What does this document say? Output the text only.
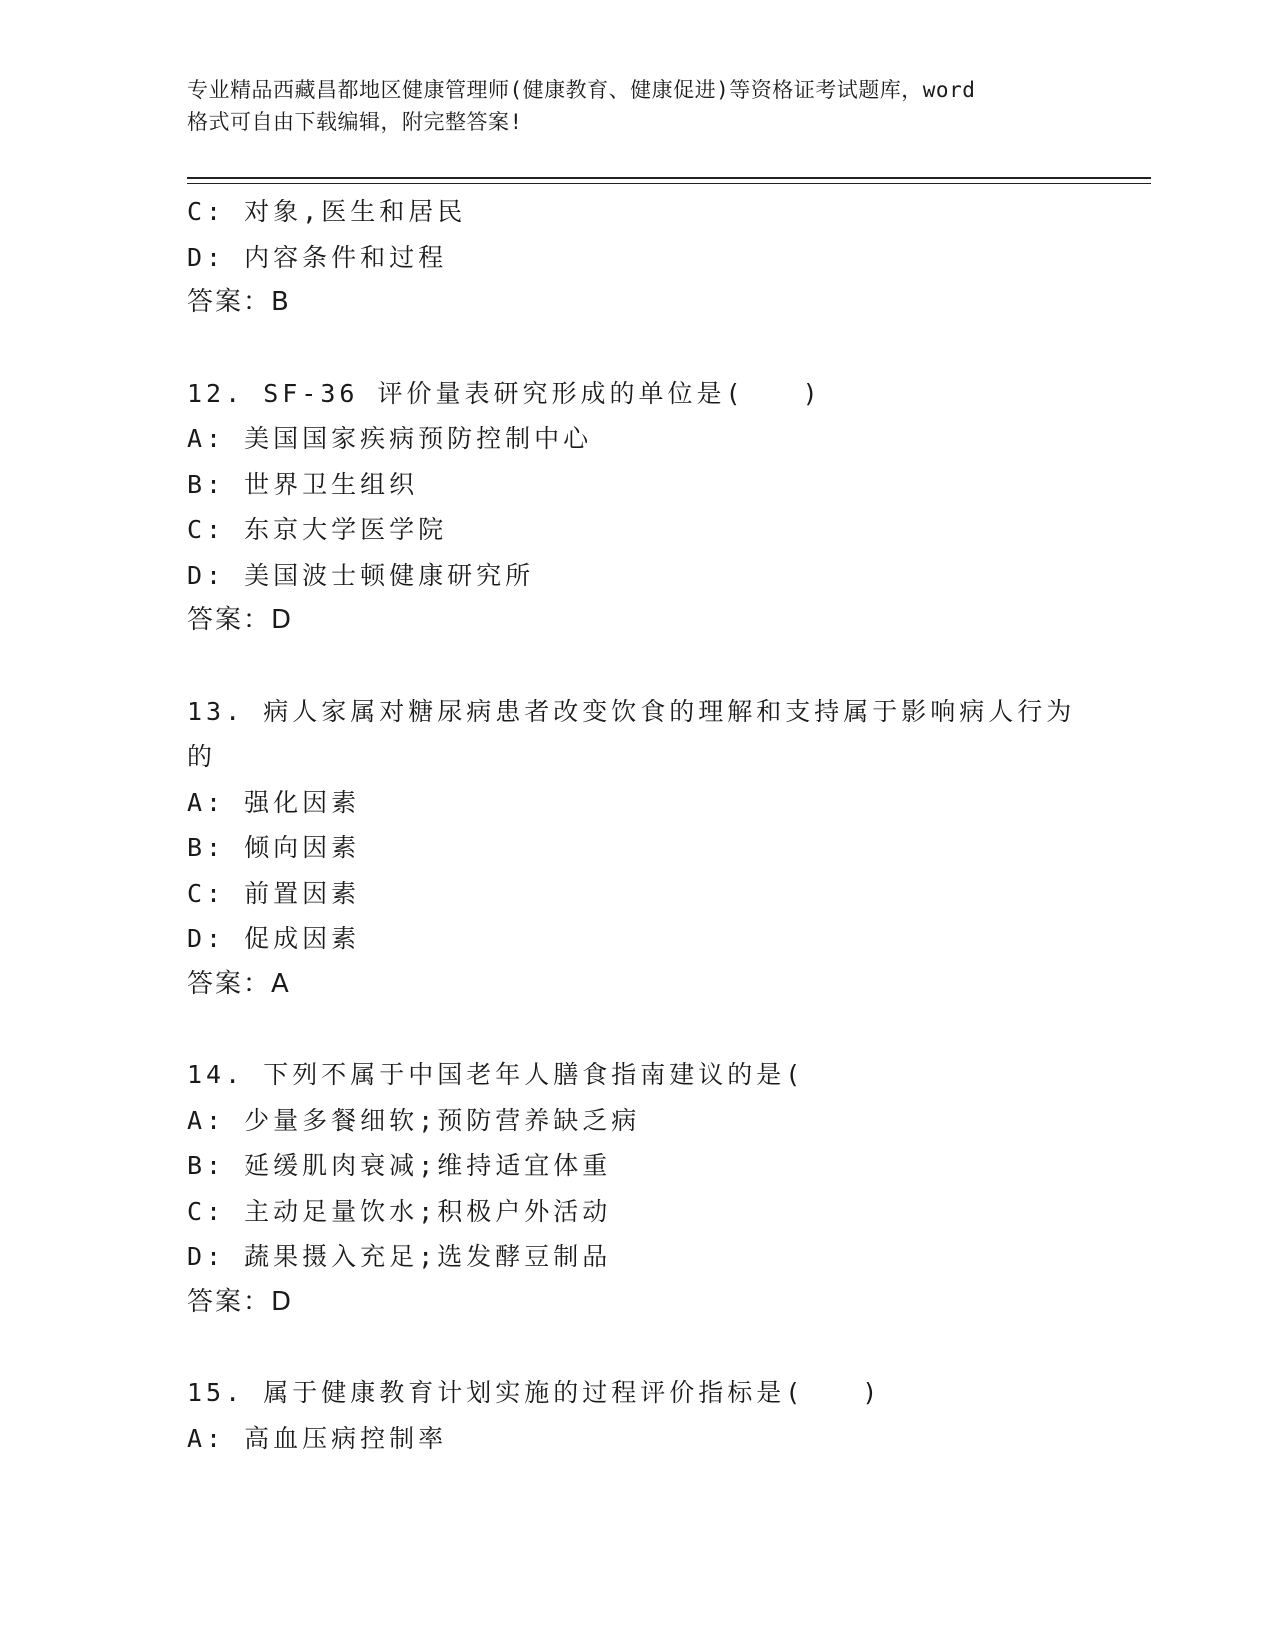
专业精品西藏昌都地区健康管理师(健康教育、健康促进)等资格证考试题库，word
格式可自由下载编辑，附完整答案!
C: 对象,医生和居民
D: 内容条件和过程
答案：B
12. SF-36 评价量表研究形成的单位是(　　)
A: 美国国家疾病预防控制中心
B: 世界卫生组织
C: 东京大学医学院
D: 美国波士顿健康研究所
答案：D
13. 病人家属对糖尿病患者改变饮食的理解和支持属于影响病人行为
的
A: 强化因素
B: 倾向因素
C: 前置因素
D: 促成因素
答案：A
14. 下列不属于中国老年人膳食指南建议的是(
A: 少量多餐细软;预防营养缺乏病
B: 延缓肌肉衰减;维持适宜体重
C: 主动足量饮水;积极户外活动
D: 蔬果摄入充足;选发酵豆制品
答案：D
15. 属于健康教育计划实施的过程评价指标是(　　)
A: 高血压病控制率
